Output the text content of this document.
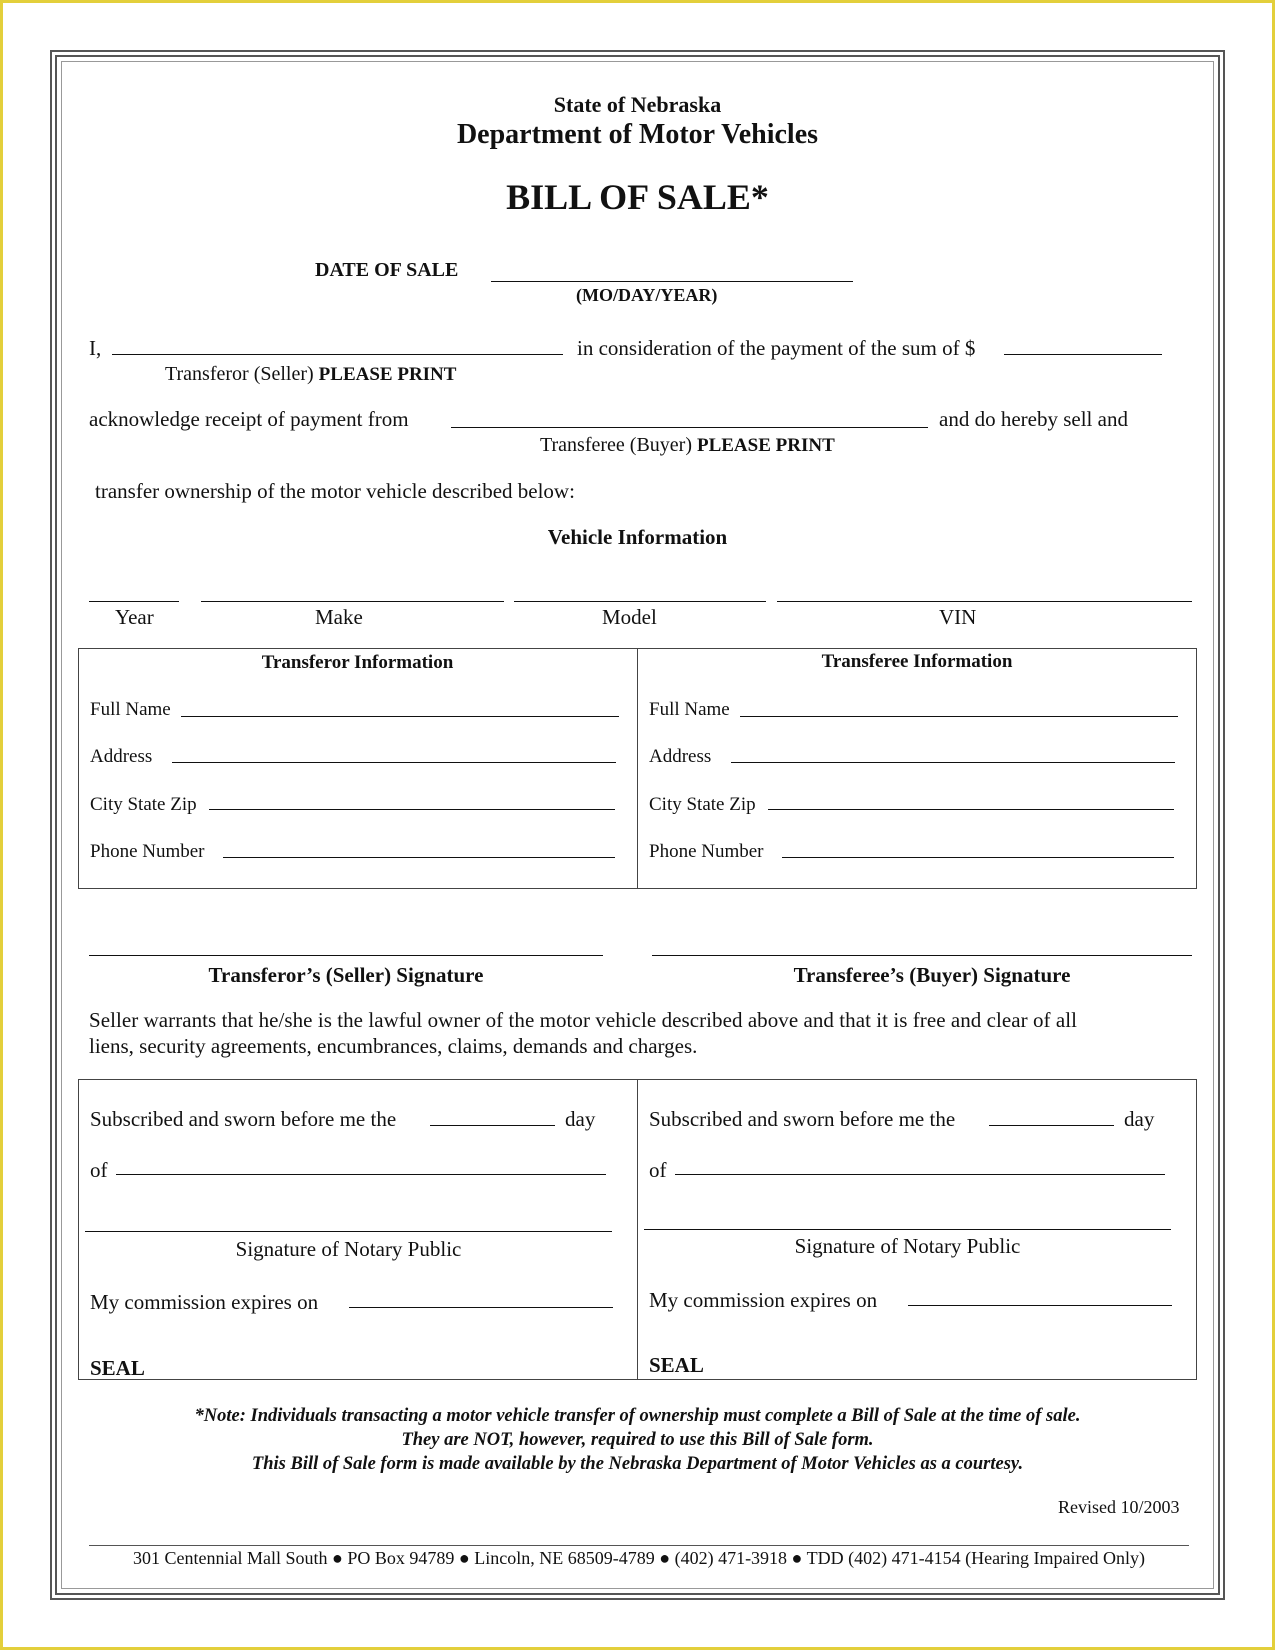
State of Nebraska
Department of Motor Vehicles
BILL OF SALE*
DATE OF SALE
(MO/DAY/YEAR)
I,	in consideration of the payment of the sum of $
Transferor (Seller) PLEASE PRINT
acknowledge receipt of payment from	and do hereby sell and
Transferee (Buyer) PLEASE PRINT
transfer ownership of the motor vehicle described below:
Vehicle Information
Year	Make	Model	VIN
Transferor Information
Full Name
Address
City State Zip
Phone Number
Transferee Information
Full Name
Address
City State Zip
Phone Number
Transferor’s (Seller) Signature	Transferee’s (Buyer) Signature
Seller warrants that he/she is the lawful owner of the motor vehicle described above and that it is free and clear of all
liens, security agreements, encumbrances, claims, demands and charges.
Subscribed and sworn before me the	day
of
Signature of Notary Public
My commission expires on
SEAL
Subscribed and sworn before me the	day
of
Signature of Notary Public
My commission expires on
SEAL
*Note: Individuals transacting a motor vehicle transfer of ownership must complete a Bill of Sale at the time of sale.
They are NOT, however, required to use this Bill of Sale form.
This Bill of Sale form is made available by the Nebraska Department of Motor Vehicles as a courtesy.
Revised 10/2003
301 Centennial Mall South ● PO Box 94789 ● Lincoln, NE 68509-4789 ● (402) 471-3918 ● TDD (402) 471-4154 (Hearing Impaired Only)
